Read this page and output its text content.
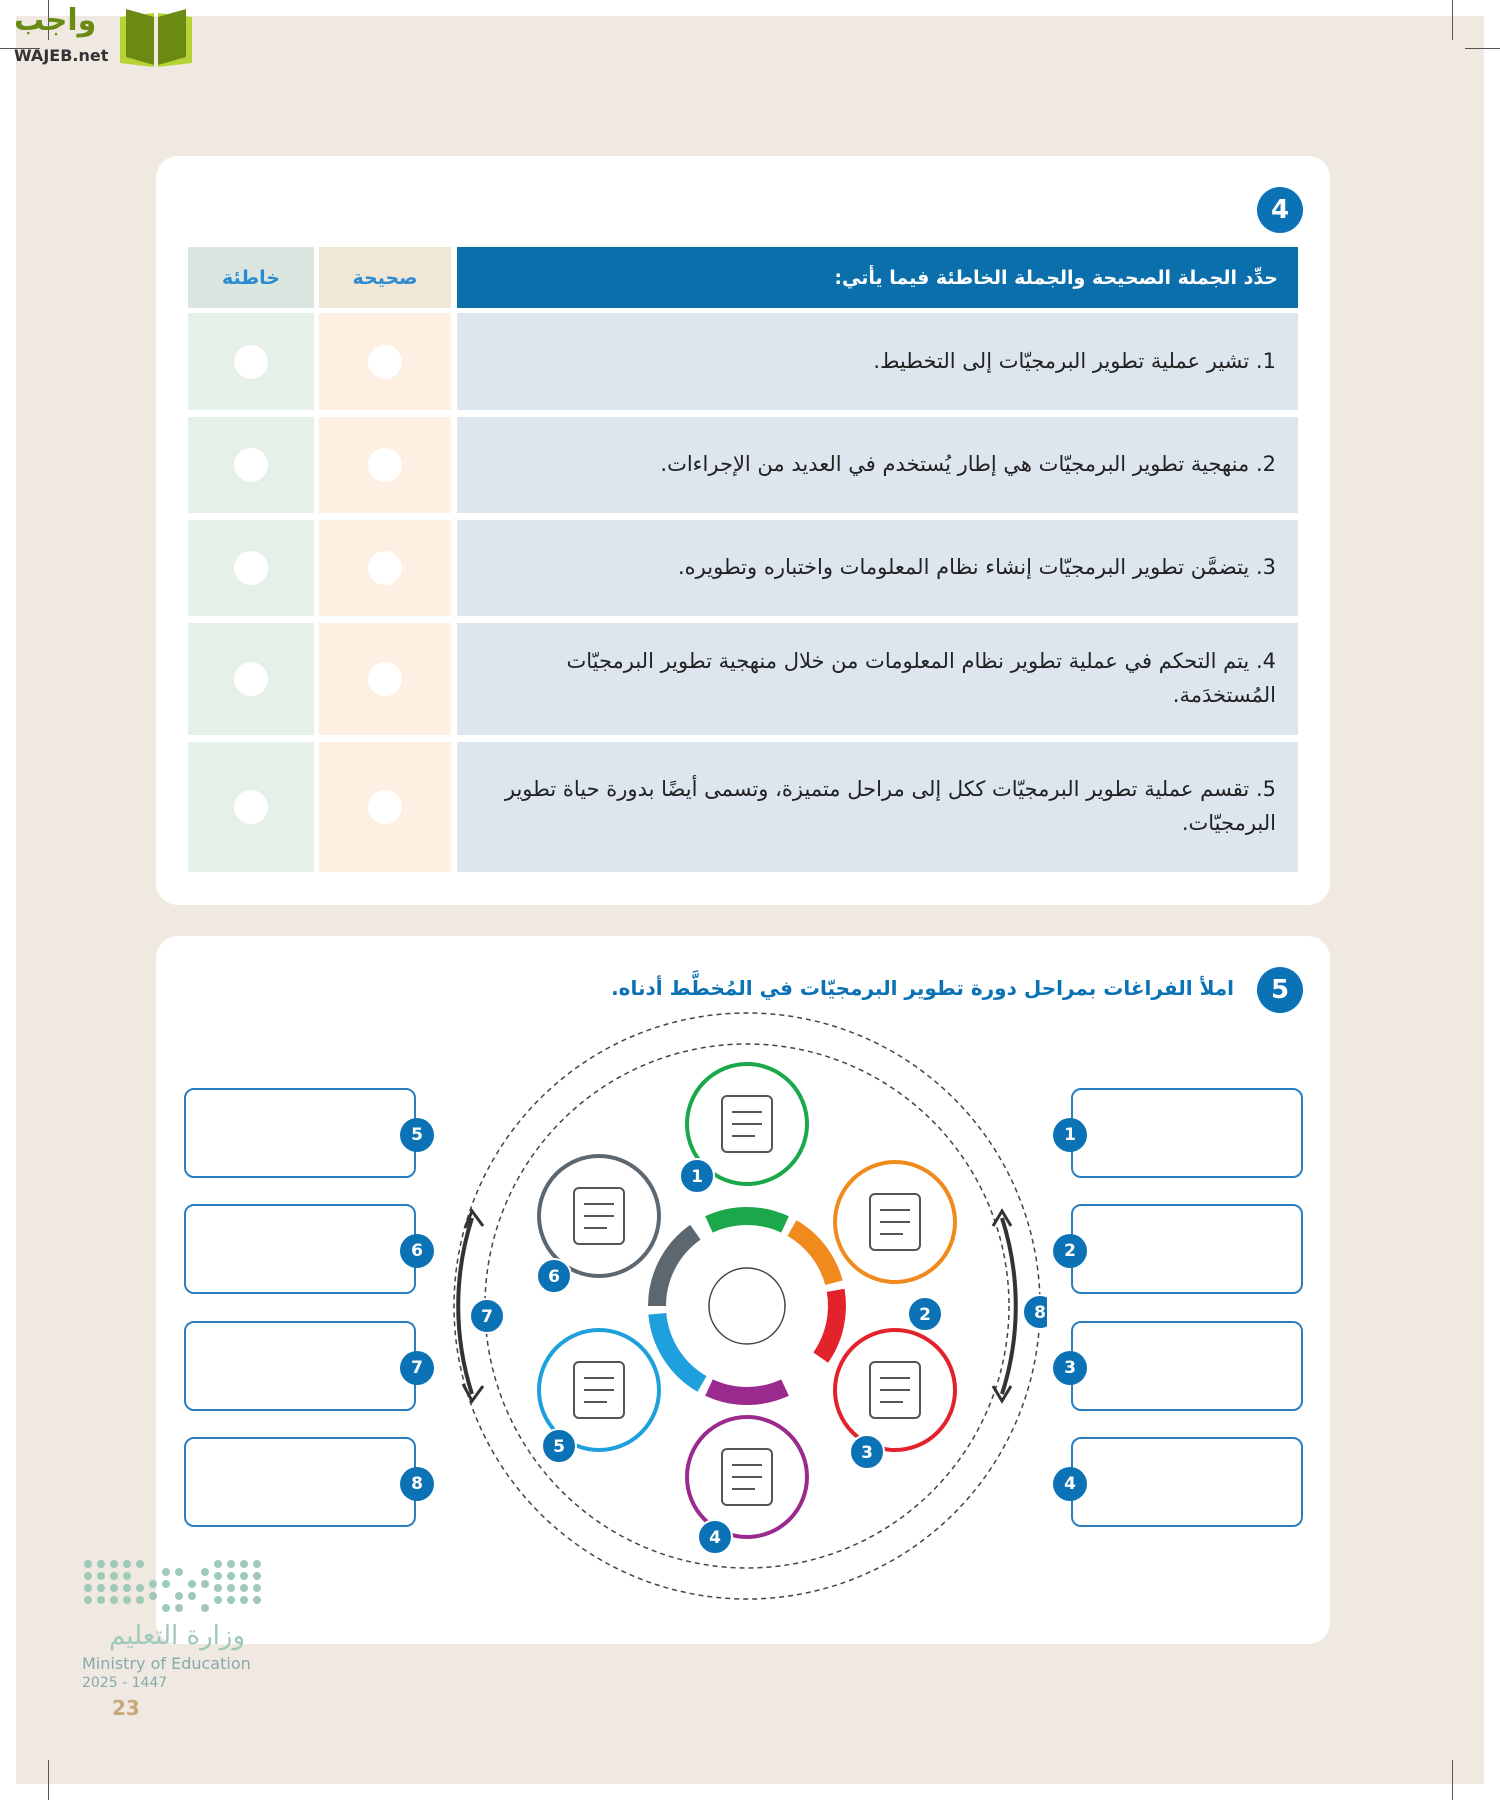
واجب
WAJEB.net
4
حدِّد الجملة الصحيحة والجملة الخاطئة فيما يأتي:
صحيحة
خاطئة
1. تشير عملية تطوير البرمجيّات إلى التخطيط.
2. منهجية تطوير البرمجيّات هي إطار يُستخدم في العديد من الإجراءات.
3. يتضمَّن تطوير البرمجيّات إنشاء نظام المعلومات واختباره وتطويره.
4. يتم التحكم في عملية تطوير نظام المعلومات من خلال منهجية تطوير البرمجيّات المُستخدَمة.
5. تقسم عملية تطوير البرمجيّات ككل إلى مراحل متميزة، وتسمى أيضًا بدورة حياة تطوير البرمجيّات.
5
املأ الفراغات بمراحل دورة تطوير البرمجيّات في المُخطَّط أدناه.
1
2
3
4
5
6
7
8
1
2
3
4
5
6
7	8
وزارة التعليم
Ministry of Education
2025 - 1447
23
